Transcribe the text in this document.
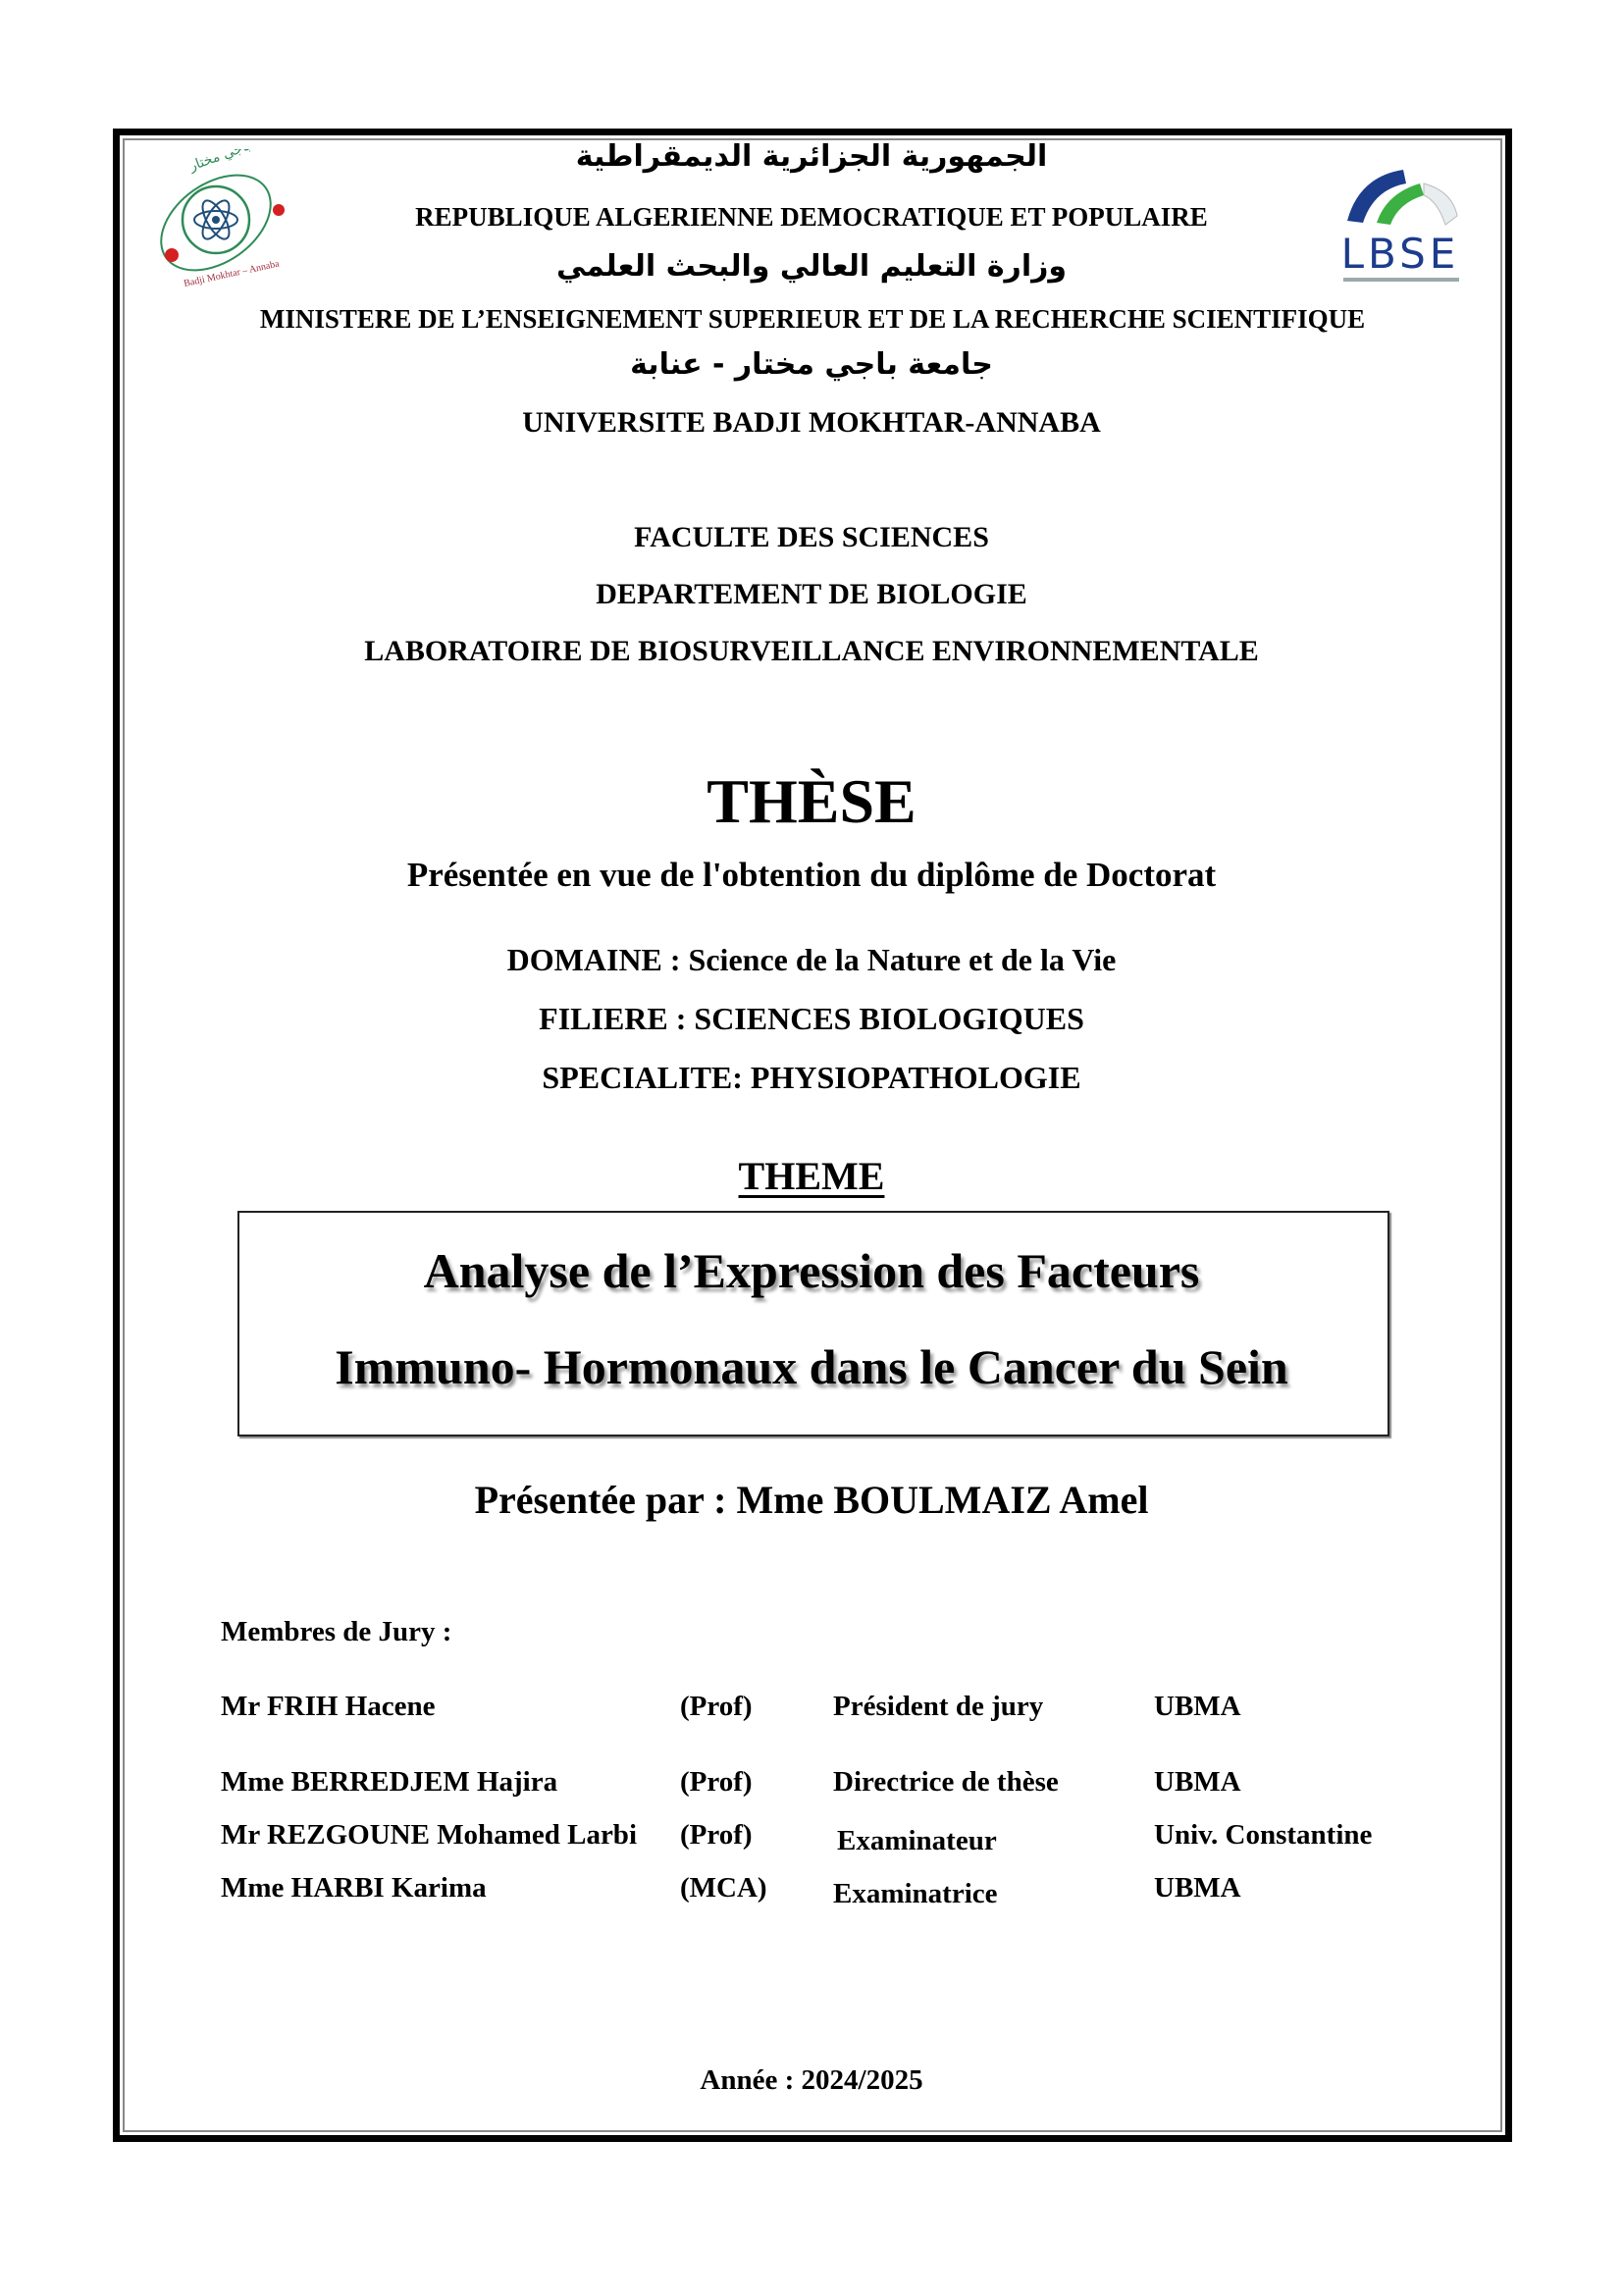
جامعة باجي مختار
Badji Mokhtar – Annaba	LBSE
الجمهورية الجزائرية الديمقراطية
REPUBLIQUE ALGERIENNE DEMOCRATIQUE ET POPULAIRE
وزارة التعليم العالي والبحث العلمي
MINISTERE DE L’ENSEIGNEMENT SUPERIEUR ET DE LA RECHERCHE SCIENTIFIQUE
جامعة باجي مختار - عنابة
UNIVERSITE BADJI MOKHTAR-ANNABA
FACULTE DES SCIENCES
DEPARTEMENT DE BIOLOGIE
LABORATOIRE DE BIOSURVEILLANCE ENVIRONNEMENTALE
THÈSE
Présentée en vue de l'obtention du diplôme de Doctorat
DOMAINE : Science de la Nature et de la Vie
FILIERE : SCIENCES BIOLOGIQUES
SPECIALITE: PHYSIOPATHOLOGIE
THEME
Analyse de l’Expression des Facteurs
Immuno- Hormonaux dans le Cancer du Sein
Présentée par : Mme BOULMAIZ Amel
Membres de Jury :
Mr FRIH Hacene	(Prof)	Président de jury	UBMA
Mme BERREDJEM Hajira	(Prof)	Directrice de thèse	UBMA
Mr REZGOUNE Mohamed Larbi (Prof)	Examinateur	Univ. Constantine
Mme HARBI Karima	(MCA) Examinatrice	UBMA
Année : 2024/2025
